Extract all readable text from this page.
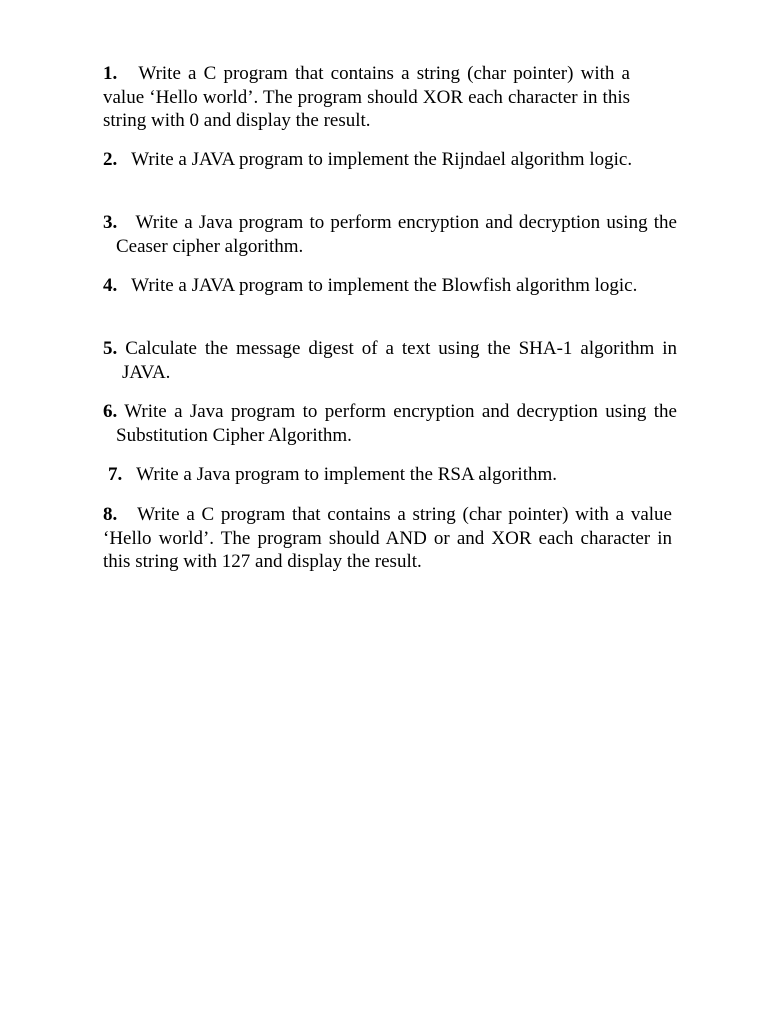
1. Write a C program that contains a string (char pointer) with a value ‘Hello world’. The program should XOR each character in this string with 0 and display the result.

2. Write a JAVA program to implement the Rijndael algorithm logic.

3. Write a Java program to perform encryption and decryption using the Ceaser cipher algorithm.

4. Write a JAVA program to implement the Blowfish algorithm logic.

5. Calculate the message digest of a text using the SHA-1 algorithm in JAVA.

6. Write a Java program to perform encryption and decryption using the Substitution Cipher Algorithm.

7. Write a Java program to implement the RSA algorithm.

8. Write a C program that contains a string (char pointer) with a value ‘Hello world’. The program should AND or and XOR each character in this string with 127 and display the result.
